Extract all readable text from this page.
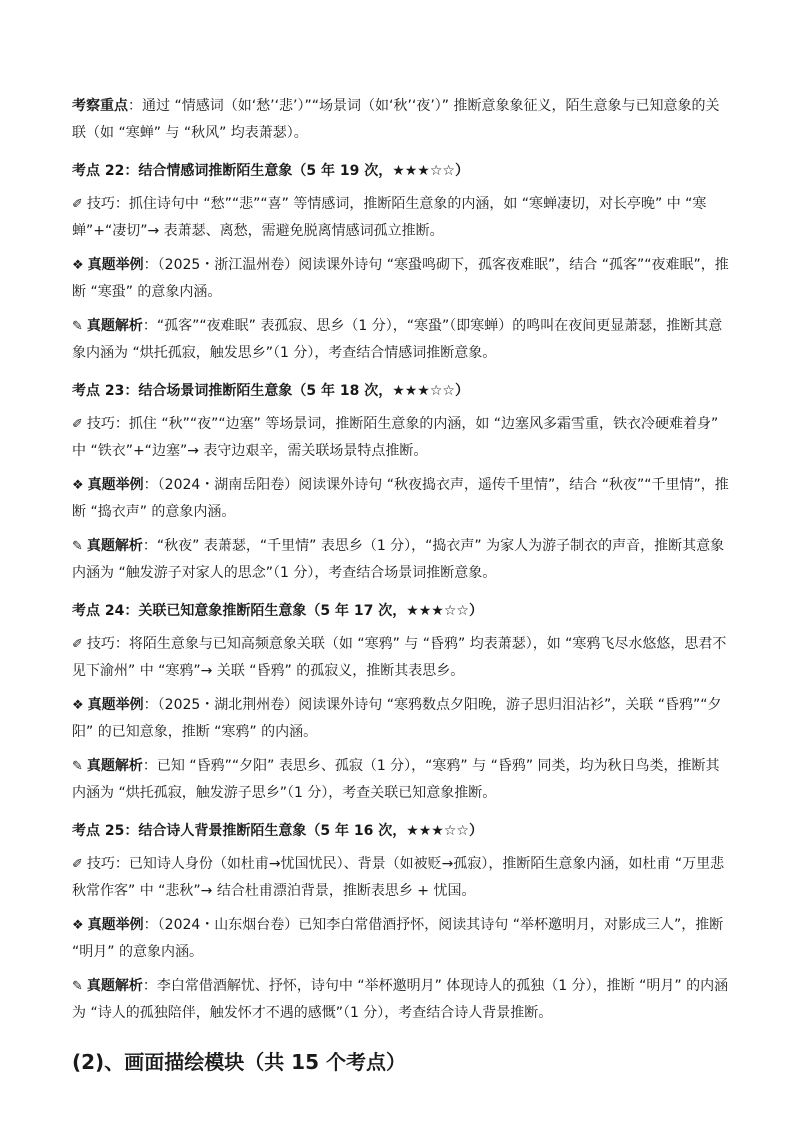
考察重点：通过 “情感词（如‘愁’‘悲’）”“场景词（如‘秋’‘夜’）” 推断意象象征义，陌生意象与已知意象的关联（如 “寒蝉” 与 “秋风” 均表萧瑟）。

考点 22：结合情感词推断陌生意象（5 年 19 次，★★★☆☆）

✐ 技巧：抓住诗句中 “愁”“悲”“喜” 等情感词，推断陌生意象的内涵，如 “寒蝉凄切，对长亭晚” 中 “寒蝉”+“凄切”→ 表萧瑟、离愁，需避免脱离情感词孤立推断。

❖ 真题举例：（2025・浙江温州卷）阅读课外诗句 “寒蛩鸣砌下，孤客夜难眠”，结合 “孤客”“夜难眠”，推断 “寒蛩” 的意象内涵。

✎ 真题解析：“孤客”“夜难眠” 表孤寂、思乡（1 分），“寒蛩”（即寒蝉）的鸣叫在夜间更显萧瑟，推断其意象内涵为 “烘托孤寂，触发思乡”（1 分），考查结合情感词推断意象。

考点 23：结合场景词推断陌生意象（5 年 18 次，★★★☆☆）

✐ 技巧：抓住 “秋”“夜”“边塞” 等场景词，推断陌生意象的内涵，如 “边塞风多霜雪重，铁衣冷硬难着身” 中 “铁衣”+“边塞”→ 表守边艰辛，需关联场景特点推断。

❖ 真题举例：（2024・湖南岳阳卷）阅读课外诗句 “秋夜捣衣声，遥传千里情”，结合 “秋夜”“千里情”，推断 “捣衣声” 的意象内涵。

✎ 真题解析：“秋夜” 表萧瑟，“千里情” 表思乡（1 分），“捣衣声” 为家人为游子制衣的声音，推断其意象内涵为 “触发游子对家人的思念”（1 分），考查结合场景词推断意象。

考点 24：关联已知意象推断陌生意象（5 年 17 次，★★★☆☆）

✐ 技巧：将陌生意象与已知高频意象关联（如 “寒鸦” 与 “昏鸦” 均表萧瑟），如 “寒鸦飞尽水悠悠，思君不见下渝州” 中 “寒鸦”→ 关联 “昏鸦” 的孤寂义，推断其表思乡。

❖ 真题举例：（2025・湖北荆州卷）阅读课外诗句 “寒鸦数点夕阳晚，游子思归泪沾衫”，关联 “昏鸦”“夕阳” 的已知意象，推断 “寒鸦” 的内涵。

✎ 真题解析：已知 “昏鸦”“夕阳” 表思乡、孤寂（1 分），“寒鸦” 与 “昏鸦” 同类，均为秋日鸟类，推断其内涵为 “烘托孤寂，触发游子思乡”（1 分），考查关联已知意象推断。

考点 25：结合诗人背景推断陌生意象（5 年 16 次，★★★☆☆）

✐ 技巧：已知诗人身份（如杜甫→忧国忧民）、背景（如被贬→孤寂），推断陌生意象内涵，如杜甫 “万里悲秋常作客” 中 “悲秋”→ 结合杜甫漂泊背景，推断表思乡 + 忧国。

❖ 真题举例：（2024・山东烟台卷）已知李白常借酒抒怀，阅读其诗句 “举杯邀明月，对影成三人”，推断 “明月” 的意象内涵。

✎ 真题解析：李白常借酒解忧、抒怀，诗句中 “举杯邀明月” 体现诗人的孤独（1 分），推断 “明月” 的内涵为 “诗人的孤独陪伴，触发怀才不遇的感慨”（1 分），考查结合诗人背景推断。

(2)、画面描绘模块（共 15 个考点）
